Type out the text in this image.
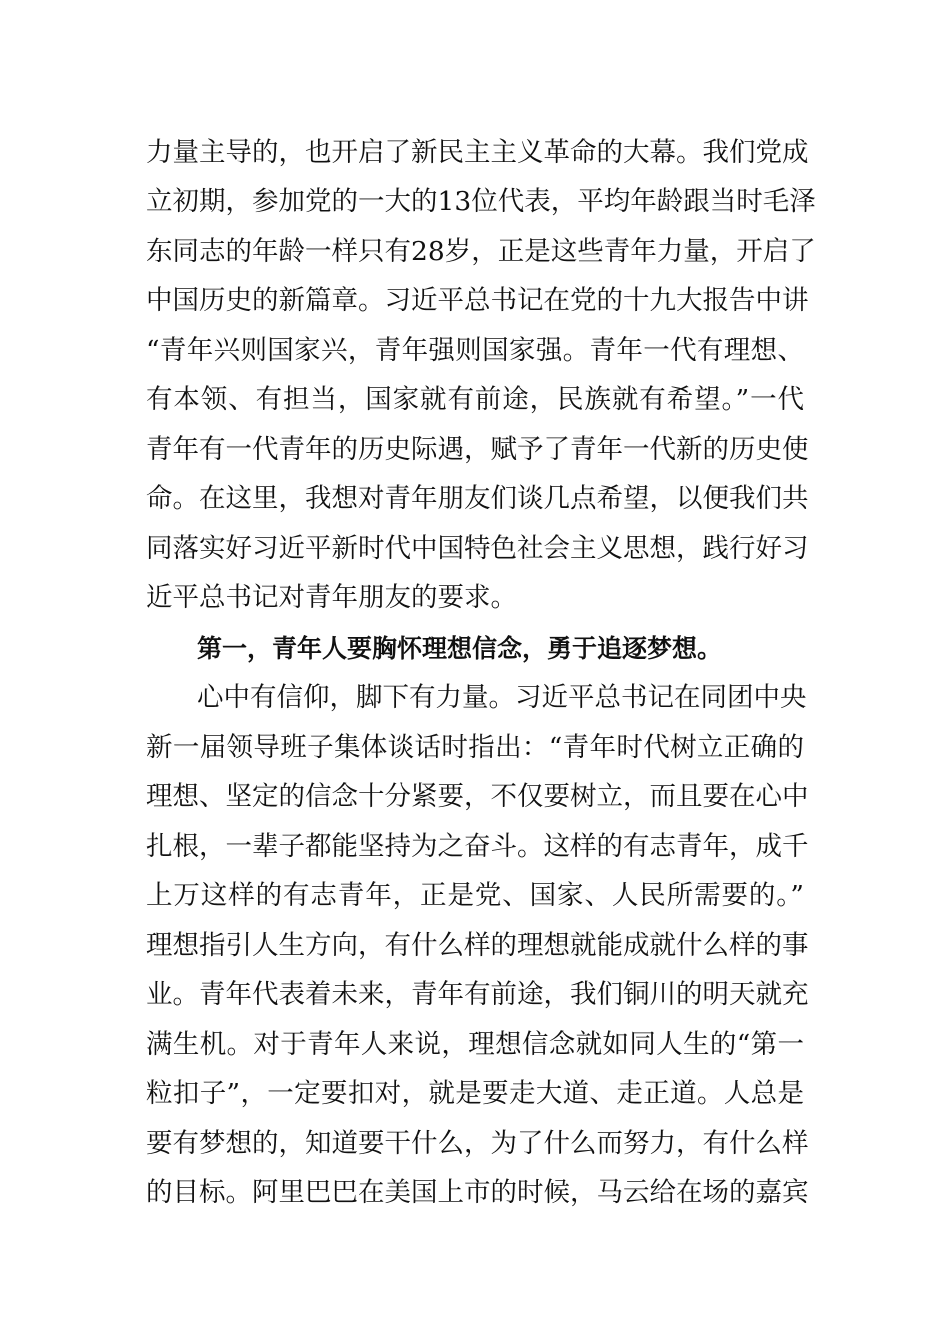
力量主导的，也开启了新民主主义革命的大幕。我们党成
立初期，参加党的一大的13位代表，平均年龄跟当时毛泽
东同志的年龄一样只有28岁，正是这些青年力量，开启了
中国历史的新篇章。习近平总书记在党的十九大报告中讲
“青年兴则国家兴，青年强则国家强。青年一代有理想、
有本领、有担当，国家就有前途，民族就有希望。”一代
青年有一代青年的历史际遇，赋予了青年一代新的历史使
命。在这里，我想对青年朋友们谈几点希望，以便我们共
同落实好习近平新时代中国特色社会主义思想，践行好习
近平总书记对青年朋友的要求。
第一，青年人要胸怀理想信念，勇于追逐梦想。
心中有信仰，脚下有力量。习近平总书记在同团中央
新一届领导班子集体谈话时指出：“青年时代树立正确的
理想、坚定的信念十分紧要，不仅要树立，而且要在心中
扎根，一辈子都能坚持为之奋斗。这样的有志青年，成千
上万这样的有志青年，正是党、国家、人民所需要的。”
理想指引人生方向，有什么样的理想就能成就什么样的事
业。青年代表着未来，青年有前途，我们铜川的明天就充
满生机。对于青年人来说，理想信念就如同人生的“第一
粒扣子”，一定要扣对，就是要走大道、走正道。人总是
要有梦想的，知道要干什么，为了什么而努力，有什么样
的目标。阿里巴巴在美国上市的时候，马云给在场的嘉宾
